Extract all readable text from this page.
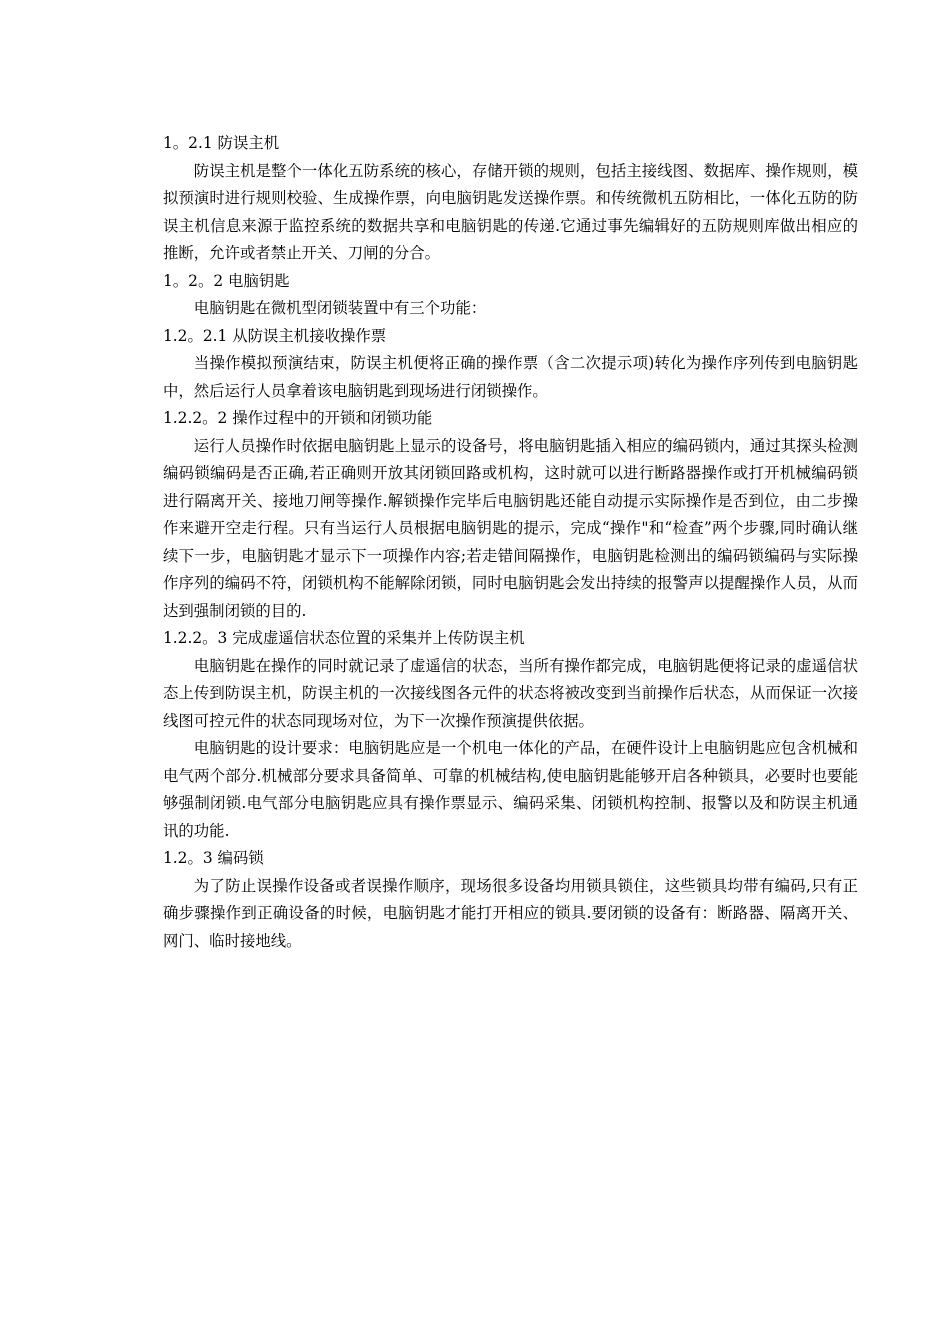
1。2.1 防误主机

防误主机是整个一体化五防系统的核心，存储开锁的规则，包括主接线图、数据库、操作规则，模拟预演时进行规则校验、生成操作票，向电脑钥匙发送操作票。和传统微机五防相比，一体化五防的防误主机信息来源于监控系统的数据共享和电脑钥匙的传递.它通过事先编辑好的五防规则库做出相应的推断，允许或者禁止开关、刀闸的分合。

1。2。2 电脑钥匙

电脑钥匙在微机型闭锁装置中有三个功能：

1.2。2.1 从防误主机接收操作票

当操作模拟预演结束，防误主机便将正确的操作票（含二次提示项)转化为操作序列传到电脑钥匙中，然后运行人员拿着该电脑钥匙到现场进行闭锁操作。

1.2.2。2 操作过程中的开锁和闭锁功能

运行人员操作时依据电脑钥匙上显示的设备号，将电脑钥匙插入相应的编码锁内，通过其探头检测编码锁编码是否正确,若正确则开放其闭锁回路或机构，这时就可以进行断路器操作或打开机械编码锁进行隔离开关、接地刀闸等操作.解锁操作完毕后电脑钥匙还能自动提示实际操作是否到位，由二步操作来避开空走行程。只有当运行人员根据电脑钥匙的提示，完成“操作"和“检查”两个步骤,同时确认继续下一步，电脑钥匙才显示下一项操作内容;若走错间隔操作，电脑钥匙检测出的编码锁编码与实际操作序列的编码不符，闭锁机构不能解除闭锁，同时电脑钥匙会发出持续的报警声以提醒操作人员，从而达到强制闭锁的目的.

1.2.2。3 完成虚遥信状态位置的采集并上传防误主机

电脑钥匙在操作的同时就记录了虚遥信的状态，当所有操作都完成，电脑钥匙便将记录的虚遥信状态上传到防误主机，防误主机的一次接线图各元件的状态将被改变到当前操作后状态，从而保证一次接线图可控元件的状态同现场对位，为下一次操作预演提供依据。

电脑钥匙的设计要求：电脑钥匙应是一个机电一体化的产品，在硬件设计上电脑钥匙应包含机械和电气两个部分.机械部分要求具备简单、可靠的机械结构,使电脑钥匙能够开启各种锁具，必要时也要能够强制闭锁.电气部分电脑钥匙应具有操作票显示、编码采集、闭锁机构控制、报警以及和防误主机通讯的功能.

1.2。3 编码锁

为了防止误操作设备或者误操作顺序，现场很多设备均用锁具锁住，这些锁具均带有编码,只有正确步骤操作到正确设备的时候，电脑钥匙才能打开相应的锁具.要闭锁的设备有：断路器、隔离开关、网门、临时接地线。
